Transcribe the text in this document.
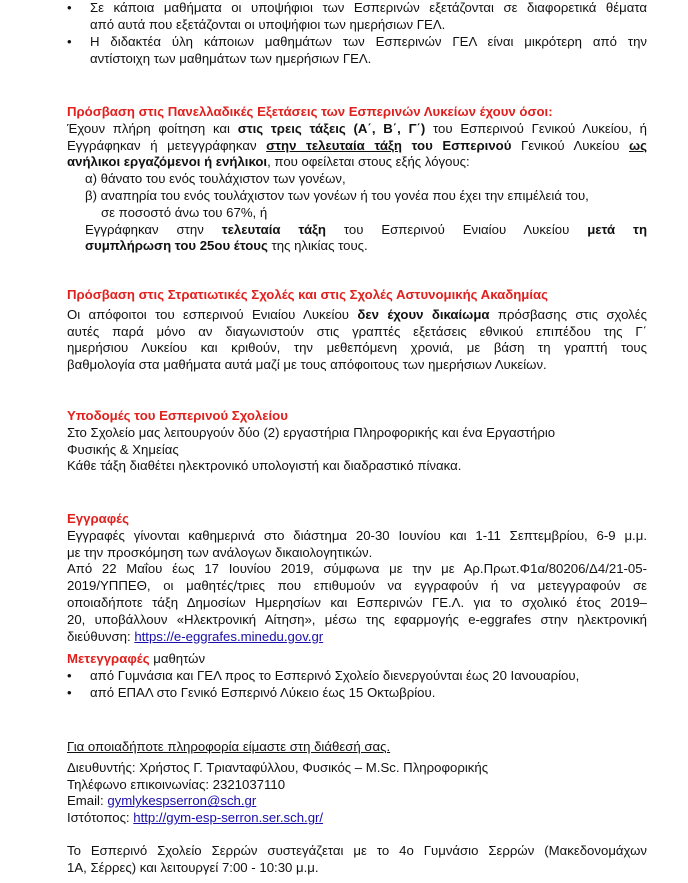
• Σε κάποια μαθήματα οι υποψήφιοι των Εσπερινών εξετάζονται σε διαφορετικά θέματα
από αυτά που εξετάζονται οι υποψήφιοι των ημερήσιων ΓΕΛ.
• Η διδακτέα ύλη κάποιων μαθημάτων των Εσπερινών ΓΕΛ είναι μικρότερη από την
αντίστοιχη των μαθημάτων των ημερήσιων ΓΕΛ.
Πρόσβαση στις Πανελλαδικές Εξετάσεις των Εσπερινών Λυκείων έχουν όσοι:
Έχουν πλήρη φοίτηση και στις τρεις τάξεις (Α΄, Β΄, Γ΄) του Εσπερινού Γενικού Λυκείου, ή
Εγγράφηκαν ή μετεγγράφηκαν στην τελευταία τάξη του Εσπερινού Γενικού Λυκείου ως
ανήλικοι εργαζόμενοι ή ενήλικοι, που οφείλεται στους εξής λόγους:
α) θάνατο του ενός τουλάχιστον των γονέων,
β) αναπηρία του ενός τουλάχιστον των γονέων ή του γονέα που έχει την επιμέλειά του,
σε ποσοστό άνω του 67%, ή
Εγγράφηκαν στην τελευταία τάξη του Εσπερινού Ενιαίου Λυκείου μετά τη
συμπλήρωση του 25ου έτους της ηλικίας τους.
Πρόσβαση στις Στρατιωτικές Σχολές και στις Σχολές Αστυνομικής Ακαδημίας
Οι απόφοιτοι του εσπερινού Ενιαίου Λυκείου δεν έχουν δικαίωμα πρόσβασης στις σχολές
αυτές παρά μόνο αν διαγωνιστούν στις γραπτές εξετάσεις εθνικού επιπέδου της Γ΄
ημερήσιου Λυκείου και κριθούν, την μεθεπόμενη χρονιά, με βάση τη γραπτή τους
βαθμολογία στα μαθήματα αυτά μαζί με τους απόφοιτους των ημερήσιων Λυκείων.
Υποδομές του Εσπερινού Σχολείου
Στο Σχολείο μας λειτουργούν δύο (2) εργαστήρια Πληροφορικής και ένα Εργαστήριο
Φυσικής & Χημείας
Κάθε τάξη διαθέτει ηλεκτρονικό υπολογιστή και διαδραστικό πίνακα.
Εγγραφές
Εγγραφές γίνονται καθημερινά στο διάστημα 20-30 Ιουνίου και 1-11 Σεπτεμβρίου, 6-9 μ.μ.
με την προσκόμηση των ανάλογων δικαιολογητικών.
Από 22 Μαΐου έως 17 Ιουνίου 2019, σύμφωνα με την με Αρ.Πρωτ.Φ1α/80206/Δ4/21-05-
2019/ΥΠΠΕΘ, οι μαθητές/τριες που επιθυμούν να εγγραφούν ή να μετεγγραφούν σε
οποιαδήποτε τάξη Δημοσίων Ημερησίων και Εσπερινών ΓΕ.Λ. για το σχολικό έτος 2019–
20, υποβάλλουν «Ηλεκτρονική Αίτηση», μέσω της εφαρμογής e-eggrafes στην ηλεκτρονική
διεύθυνση: https://e-eggrafes.minedu.gov.gr
Μετεγγραφές μαθητών
• από Γυμνάσια και ΓΕΛ προς το Εσπερινό Σχολείο διενεργούνται έως 20 Ιανουαρίου,
• από ΕΠΑΛ στο Γενικό Εσπερινό Λύκειο έως 15 Οκτωβρίου.
Για οποιαδήποτε πληροφορία είμαστε στη διάθεσή σας.
Διευθυντής: Χρήστος Γ. Τριανταφύλλου, Φυσικός – M.Sc. Πληροφορικής
Τηλέφωνο επικοινωνίας: 2321037110
Email: gymlykespserron@sch.gr
Ιστότοπος: http://gym-esp-serron.ser.sch.gr/
Το Εσπερινό Σχολείο Σερρών συστεγάζεται με το 4ο Γυμνάσιο Σερρών (Μακεδονομάχων
1Α, Σέρρες) και λειτουργεί 7:00 - 10:30 μ.μ.
